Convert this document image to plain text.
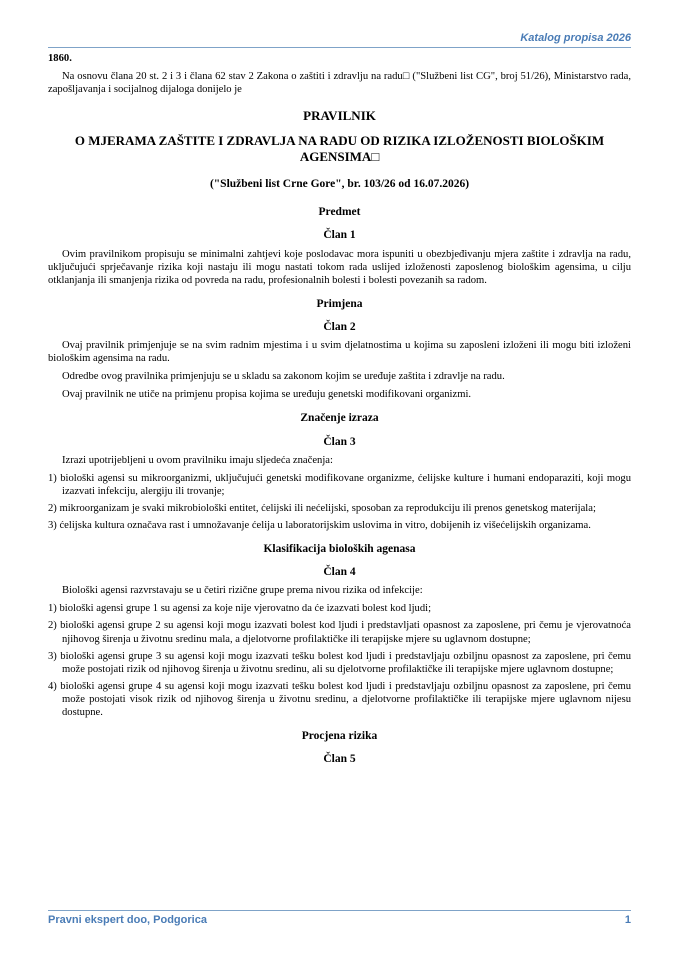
Katalog propisa 2026
1860.

Na osnovu člana 20 st. 2 i 3 i člana 62 stav 2 Zakona o zaštiti i zdravlju na radu□ ("Službeni list CG", broj 51/26), Ministarstvo rada, zapošljavanja i socijalnog dijaloga donijelo je

PRAVILNIK
O MJERAMA ZAŠTITE I ZDRAVLJA NA RADU OD RIZIKA IZLOŽENOSTI BIOLOŠKIM AGENSIMA□
("Službeni list Crne Gore", br. 103/26 od 16.07.2026)
Predmet
Član 1

Ovim pravilnikom propisuju se minimalni zahtjevi koje poslodavac mora ispuniti u obezbjeđivanju mjera zaštite i zdravlja na radu, uključujući sprječavanje rizika koji nastaju ili mogu nastati tokom rada uslijed izloženosti zaposlenog biološkim agensima, u cilju otklanjanja ili smanjenja rizika od povreda na radu, profesionalnih bolesti i bolesti povezanih sa radom.

Primjena
Član 2

Ovaj pravilnik primjenjuje se na svim radnim mjestima i u svim djelatnostima u kojima su zaposleni izloženi ili mogu biti izloženi biološkim agensima na radu.

Odredbe ovog pravilnika primjenjuju se u skladu sa zakonom kojim se uređuje zaštita i zdravlje na radu.

Ovaj pravilnik ne utiče na primjenu propisa kojima se uređuju genetski modifikovani organizmi.

Značenje izraza
Član 3

Izrazi upotrijebljeni u ovom pravilniku imaju sljedeća značenja:

1) biološki agensi su mikroorganizmi, uključujući genetski modifikovane organizme, ćelijske kulture i humani endoparaziti, koji mogu izazvati infekciju, alergiju ili trovanje;

2) mikroorganizam je svaki mikrobiološki entitet, ćelijski ili nećelijski, sposoban za reprodukciju ili prenos genetskog materijala;

3) ćelijska kultura označava rast i umnožavanje ćelija u laboratorijskim uslovima in vitro, dobijenih iz višećelijskih organizama.

Klasifikacija bioloških agenasa
Član 4

Biološki agensi razvrstavaju se u četiri rizične grupe prema nivou rizika od infekcije:

1) biološki agensi grupe 1 su agensi za koje nije vjerovatno da će izazvati bolest kod ljudi;

2) biološki agensi grupe 2 su agensi koji mogu izazvati bolest kod ljudi i predstavljati opasnost za zaposlene, pri čemu je vjerovatnoća njihovog širenja u životnu sredinu mala, a djelotvorne profilaktičke ili terapijske mjere su uglavnom dostupne;

3) biološki agensi grupe 3 su agensi koji mogu izazvati tešku bolest kod ljudi i predstavljaju ozbiljnu opasnost za zaposlene, pri čemu može postojati rizik od njihovog širenja u životnu sredinu, ali su djelotvorne profilaktičke ili terapijske mjere uglavnom dostupne;

4) biološki agensi grupe 4 su agensi koji mogu izazvati tešku bolest kod ljudi i predstavljaju ozbiljnu opasnost za zaposlene, pri čemu može postojati visok rizik od njihovog širenja u životnu sredinu, a djelotvorne profilaktičke ili terapijske mjere uglavnom nijesu dostupne.

Procjena rizika
Član 5
Pravni ekspert doo, Podgorica	1
